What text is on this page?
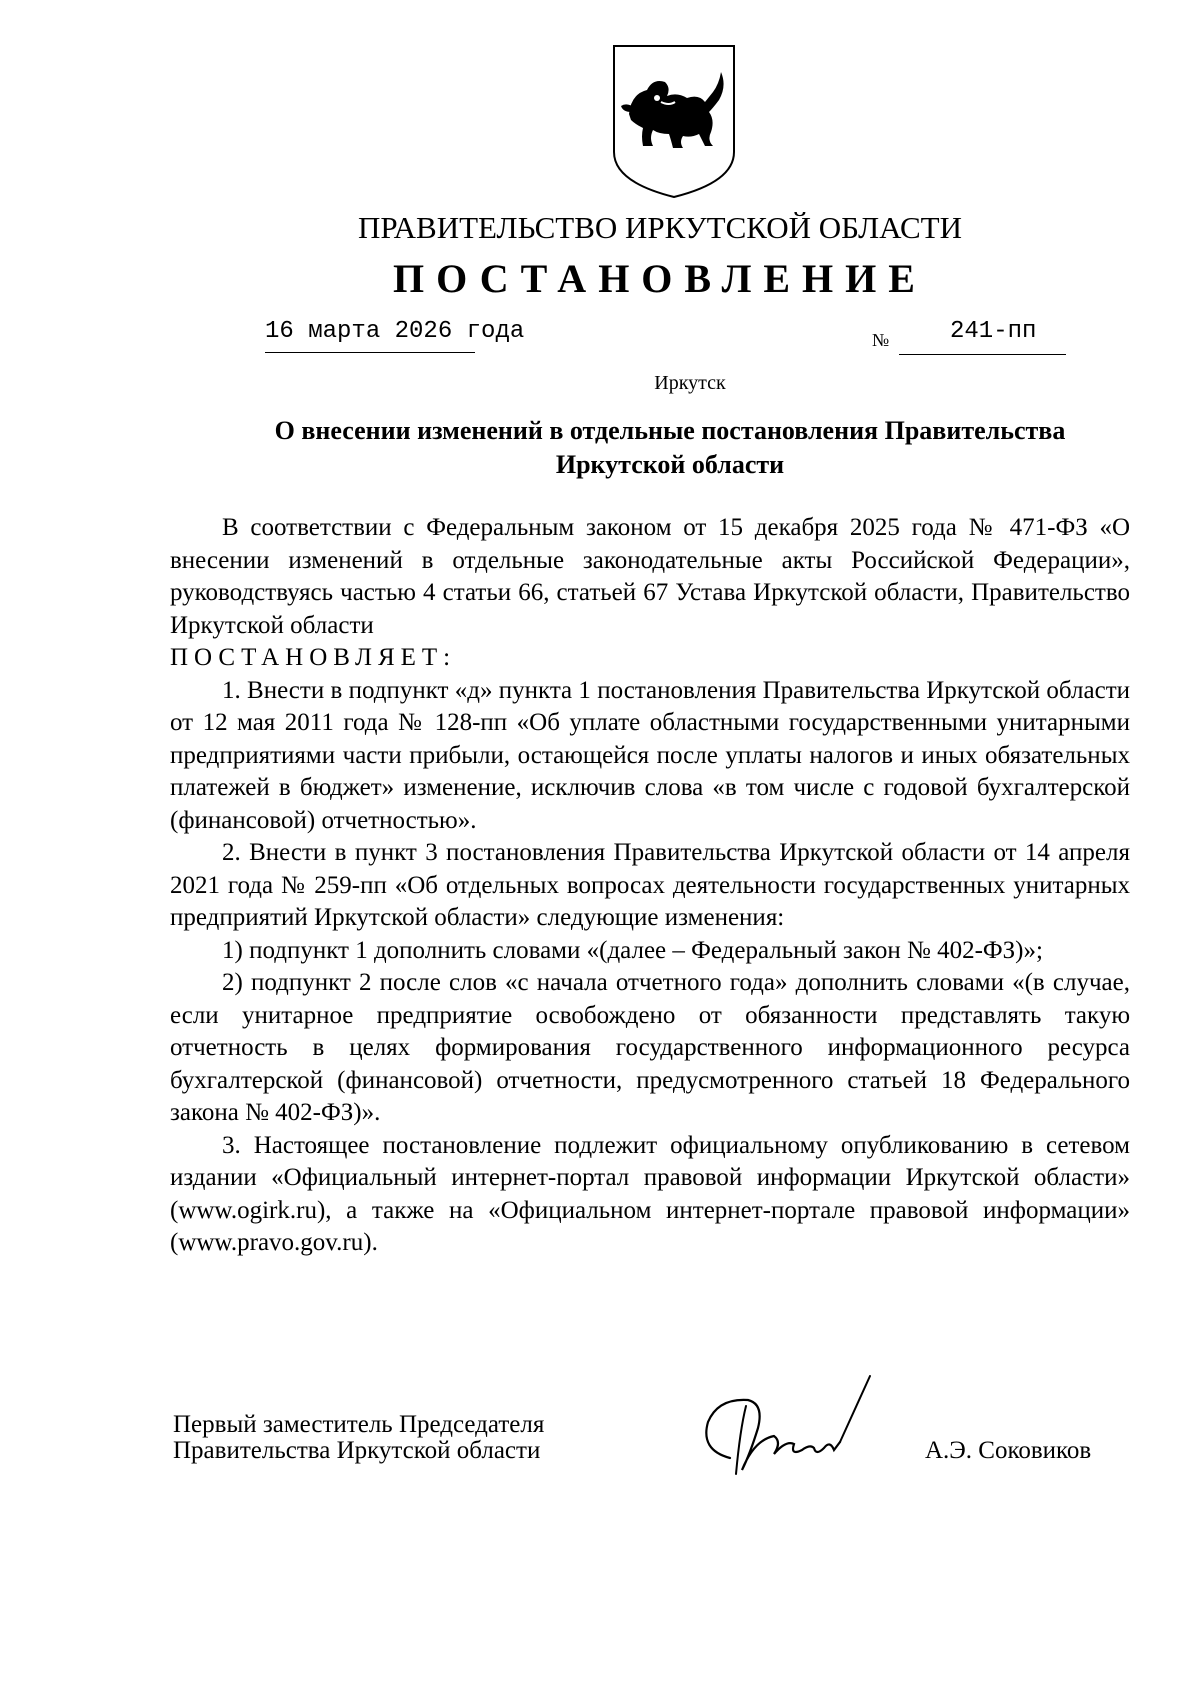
ПРАВИТЕЛЬСТВО ИРКУТСКОЙ ОБЛАСТИ
ПОСТАНОВЛЕНИЕ
16 марта 2026 года	№	241-пп
Иркутск
О внесении изменений в отдельные постановления Правительства
Иркутской области

В соответствии с Федеральным законом от 15 декабря 2025 года № 471-ФЗ «О внесении изменений в отдельные законодательные акты Российской Федерации», руководствуясь частью 4 статьи 66, статьей 67 Устава Иркутской области, Правительство Иркутской области

ПОСТАНОВЛЯЕТ:

1. Внести в подпункт «д» пункта 1 постановления Правительства Иркутской области от 12 мая 2011 года № 128-пп «Об уплате областными государственными унитарными предприятиями части прибыли, остающейся после уплаты налогов и иных обязательных платежей в бюджет» изменение, исключив слова «в том числе с годовой бухгалтерской (финансовой) отчетностью».

2. Внести в пункт 3 постановления Правительства Иркутской области от 14 апреля 2021 года № 259-пп «Об отдельных вопросах деятельности государственных унитарных предприятий Иркутской области» следующие изменения:

1) подпункт 1 дополнить словами «(далее – Федеральный закон № 402-ФЗ)»;

2) подпункт 2 после слов «с начала отчетного года» дополнить словами «(в случае, если унитарное предприятие освобождено от обязанности представлять такую отчетность в целях формирования государственного информационного ресурса бухгалтерской (финансовой) отчетности, предусмотренного статьей 18 Федерального закона № 402-ФЗ)».

3. Настоящее постановление подлежит официальному опубликованию в сетевом издании «Официальный интернет-портал правовой информации Иркутской области» (www.ogirk.ru), а также на «Официальном интернет-портале правовой информации» (www.pravo.gov.ru).

Первый заместитель Председателя
Правительства Иркутской области	А.Э. Соковиков
